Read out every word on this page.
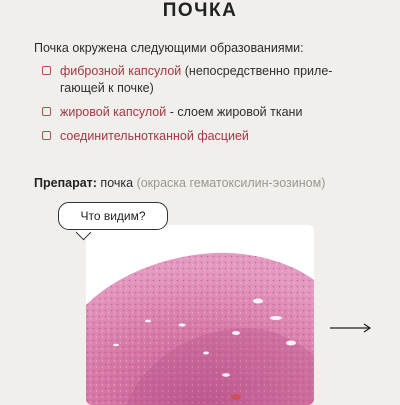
ПОЧКА
Почка окружена следующими образованиями:
фиброзной капсулой (непосредственно приле-
гающей к почке)
жировой капсулой - слоем жировой ткани
соединительнотканной фасцией
Препарат: почка (окраска гематоксилин-эозином)
Что видим?
